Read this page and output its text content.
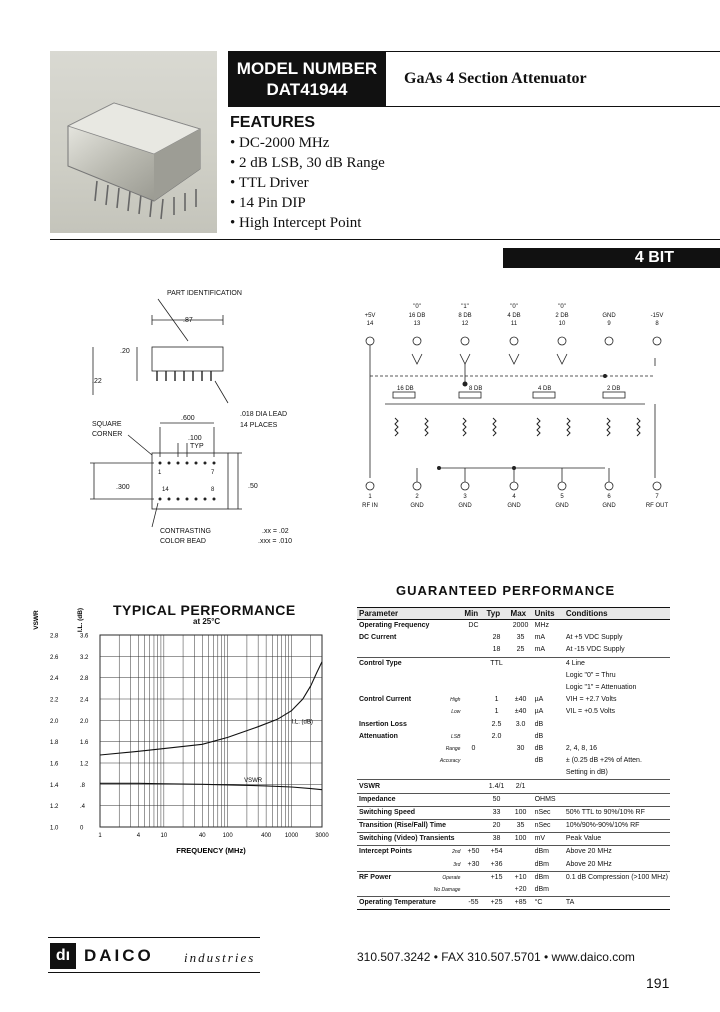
MODEL NUMBER
DAT41944
GaAs 4 Section Attenuator
FEATURES
• DC-2000 MHz
• 2 dB LSB, 30 dB Range
• TTL Driver
• 14 Pin DIP
• High Intercept Point
4 BIT
PART IDENTIFICATION
.87
.20
.22
.018 DIA LEAD
14 PLACES
SQUARE
CORNER
.600
.100
TYP
.300	.50
14	8
1	7
CONTRASTING
COLOR BEAD
.xx = .02
.xxx = .010
+5V
14
"0"
16 DB
13
"1"
8 DB
12
"0"
4 DB
11
"0"
2 DB
10
GND
9
-15V
8
16 DB	8 DB	4 DB	2 DB
1
RF IN
2
GND
3
GND
4
GND
5
GND
6
GND
7
RF OUT
TYPICAL PERFORMANCE
at 25°C
1.0	0
1.2	.4
1.4	.8
1.6	1.2
1.8	1.6
2.0	2.0
2.2	2.4
2.4	2.8
2.6	3.2
2.8	3.6
1	4	10	40	100	400 1000	3000
FREQUENCY (MHz)
VSWR	I.L. (dB)
I.L. (dB)
VSWR
GUARANTEED PERFORMANCE
Parameter	Min	Typ	Max	Units	Conditions
Operating Frequency	DC		2000	MHz	
DC Current		28	35	mA	At +5 VDC Supply

		18	25	mA	At -15 VDC Supply
Control Type		TTL			4 Line

					Logic "0" = Thru

					Logic "1" = Attenuation
Control Current High		1	±40	µA	VIH = +2.7 Volts

Low		1	±40	µA	VIL = +0.5 Volts
Insertion Loss		2.5	3.0	dB	
Attenuation LSB		2.0		dB	

Range	0		30	dB	2, 4, 8, 16

Accuracy				dB	± (0.25 dB +2% of Atten.

					Setting in dB)
VSWR		1.4/1	2/1		
Impedance		50		OHMS	
Switching Speed		33	100	nSec	50% TTL to 90%/10% RF
Transition (Rise/Fall) Time		20	35	nSec	10%/90%-90%/10% RF
Switching (Video) Transients		38	100	mV	Peak Value
Intercept Points 2nd	+50	+54		dBm	Above 20 MHz

3rd	+30	+36		dBm	Above 20 MHz
RF Power Operate		+15	+10	dBm	0.1 dB Compression (>100 MHz)

No Damage			+20	dBm	
Operating Temperature	-55	+25	+85	°C	TA
dı DAICO industries	310.507.3242 • FAX 310.507.5701 • www.daico.com
191
